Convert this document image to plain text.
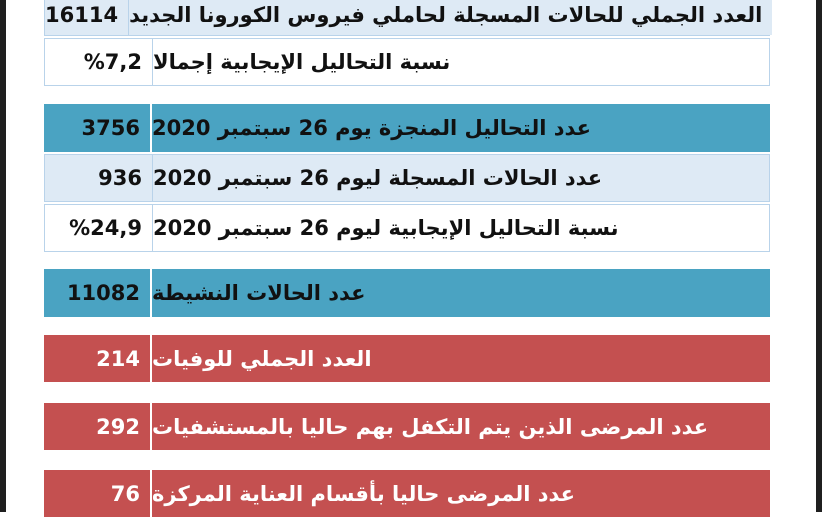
16114 العدد الجملي للحالات المسجلة لحاملي فيروس الكورونا الجديد
%7,2 نسبة التحاليل الإيجابية إجمالا
3756 عدد التحاليل المنجزة يوم 26 سبتمبر 2020
936 عدد الحالات المسجلة ليوم 26 سبتمبر 2020
%24,9 نسبة التحاليل الإيجابية ليوم 26 سبتمبر 2020
11082 عدد الحالات النشيطة
214 العدد الجملي للوفيات
292 عدد المرضى الذين يتم التكفل بهم حاليا بالمستشفيات
76 عدد المرضى حاليا بأقسام العناية المركزة
